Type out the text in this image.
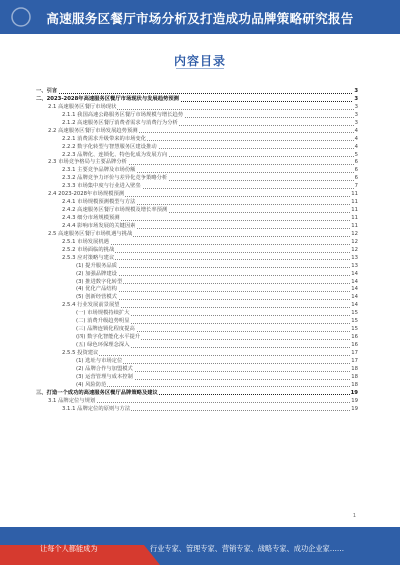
高速服务区餐厅市场分析及打造成功品牌策略研究报告
内容目录
一、引言	3
二、2023-2028年高速服务区餐厅市场现状与发展趋势预测	3
2.1 高速服务区餐厅市场现状	3
2.1.1 我国高速公路服务区餐厅市场规模与增长趋势	3
2.1.2 高速服务区餐厅消费者需求与消费行为分析	3
2.2 高速服务区餐厅市场发展趋势预测	4
2.2.1 消费需求升级带来的市场变化	4
2.2.2 数字化转型与智慧服务区建设推动	4
2.2.3 品牌化、连锁化、特色化成为发展方向	5
2.3 市场竞争格局与主要品牌分析	6
2.3.1 主要竞争品牌及市场份额	6
2.3.2 品牌竞争力评价与差异化竞争策略分析	6
2.3.3 市场集中度与行业进入壁垒	7
2.4 2023-2028年市场规模预测	11
2.4.1 市场规模预测模型与方法	11
2.4.2 高速服务区餐厅市场规模及增长率预测	11
2.4.3 细分市场规模预测	11
2.4.4 影响市场发展的关键因素	11
2.5 高速服务区餐厅市场机遇与挑战	12
2.5.1 市场发展机遇	12
2.5.2 市场面临的挑战	12
2.5.3 应对策略与建议	13
(1) 提升服务品质	13
(2) 加强品牌建设	14
(3) 推进数字化转型	14
(4) 优化产品结构	14
(5) 创新经营模式	14
2.5.4 行业发展前景展望	14
(一) 市场规模持续扩大	15
(二) 消费升级趋势明显	15
(三) 品牌连锁化程度提高	15
(四) 数字化智能化水平提升	16
(五) 绿色环保理念深入	16
2.5.5 投资建议	17
(1) 选址与市场定位	17
(2) 品牌合作与加盟模式	18
(3) 运营管理与成本控制	18
(4) 风险防范	18
三、打造一个成功的高速服务区餐厅品牌策略及建议	19
3.1 品牌定位与规划	19
3.1.1 品牌定位的原则与方法	19
1
让每个人都能成为	行业专家、管理专家、营销专家、战略专家、成功企业家……
